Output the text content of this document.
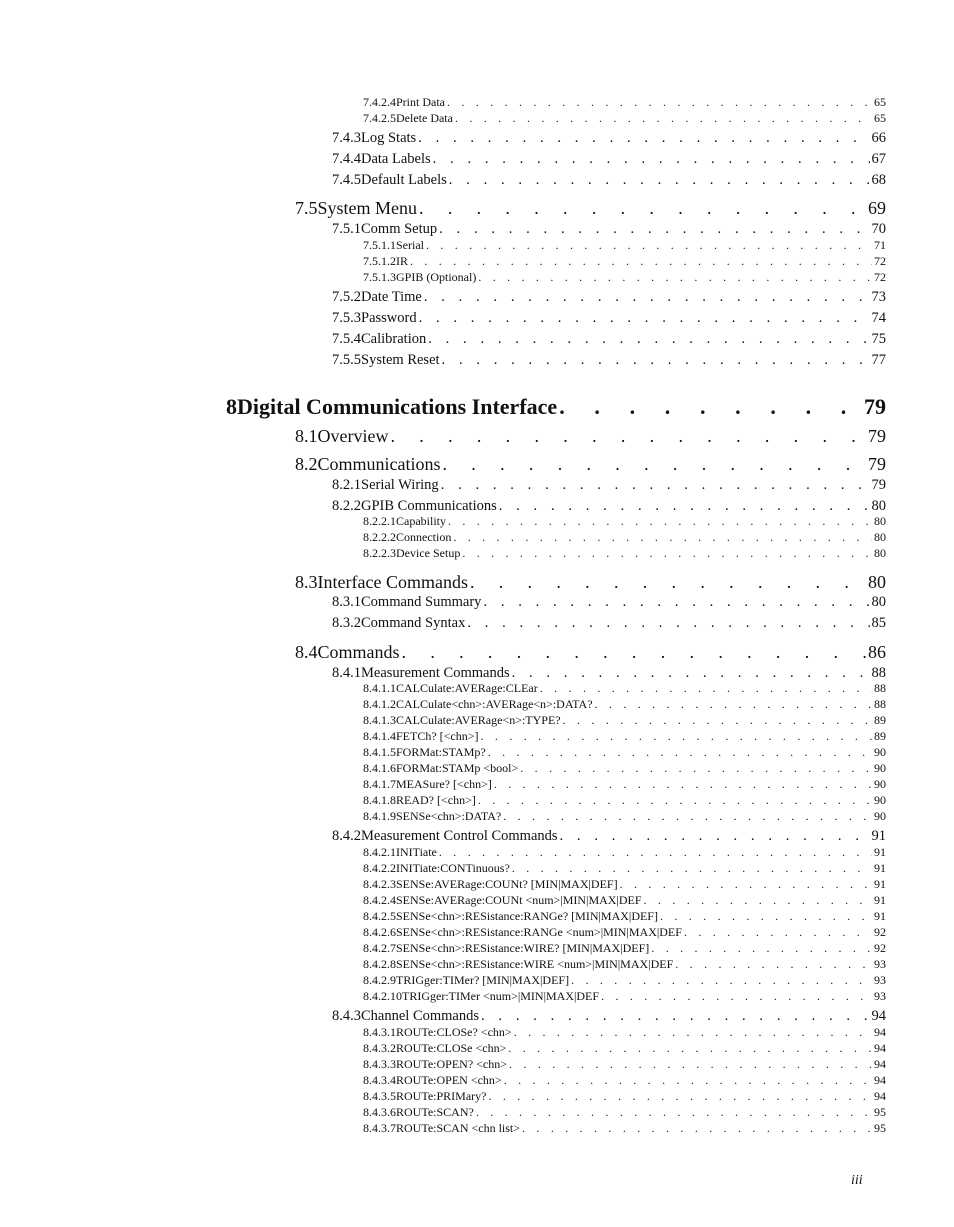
7.4.2.4 Print Data . . .	65
7.4.2.5 Delete Data . . .	65
7.4.3 Log Stats . . .	66
7.4.4 Data Labels . . .	67
7.4.5 Default Labels . . .	68
7.5 System Menu . . .	69
7.5.1 Comm Setup . . .	70
7.5.1.1 Serial . . .	71
7.5.1.2 IR . . .	72
7.5.1.3 GPIB (Optional) . . .	72
7.5.2 Date Time . . .	73
7.5.3 Password . . .	74
7.5.4 Calibration . . .	75
7.5.5 System Reset . . .	77
8 Digital Communications Interface . . .	79
8.1 Overview . . .	79
8.2 Communications . . .	79
8.2.1 Serial Wiring . . .	79
8.2.2 GPIB Communications . . .	80
8.2.2.1 Capability . . .	80
8.2.2.2 Connection . . .	80
8.2.2.3 Device Setup . . .	80
8.3 Interface Commands . . .	80
8.3.1 Command Summary . . .	80
8.3.2 Command Syntax . . .	85
8.4 Commands . . .	86
8.4.1 Measurement Commands . . .	88
8.4.1.1 CALCulate:AVERage:CLEar . . .	88
8.4.1.2 CALCulate<chn>:AVERage<n>:DATA? . . .	88
8.4.1.3 CALCulate:AVERage<n>:TYPE? . . .	89
8.4.1.4 FETCh? [<chn>] . . .	89
8.4.1.5 FORMat:STAMp? . . .	90
8.4.1.6 FORMat:STAMp <bool> . . .	90
8.4.1.7 MEASure? [<chn>] . . .	90
8.4.1.8 READ? [<chn>] . . .	90
8.4.1.9 SENSe<chn>:DATA? . . .	90
8.4.2 Measurement Control Commands . . .	91
8.4.2.1 INITiate . . .	91
8.4.2.2 INITiate:CONTinuous? . . .	91
8.4.2.3 SENSe:AVERage:COUNt? [MIN|MAX|DEF] . . .	91
8.4.2.4 SENSe:AVERage:COUNt <num>|MIN|MAX|DEF . . .	91
8.4.2.5 SENSe<chn>:RESistance:RANGe? [MIN|MAX|DEF] . . .	91
8.4.2.6 SENSe<chn>:RESistance:RANGe <num>|MIN|MAX|DEF . . .	92
8.4.2.7 SENSe<chn>:RESistance:WIRE? [MIN|MAX|DEF] . . .	92
8.4.2.8 SENSe<chn>:RESistance:WIRE <num>|MIN|MAX|DEF . . .	93
8.4.2.9 TRIGger:TIMer? [MIN|MAX|DEF] . . .	93
8.4.2.10 TRIGger:TIMer <num>|MIN|MAX|DEF . . .	93
8.4.3 Channel Commands . . .	94
8.4.3.1 ROUTe:CLOSe? <chn> . . .	94
8.4.3.2 ROUTe:CLOSe <chn> . . .	94
8.4.3.3 ROUTe:OPEN? <chn> . . .	94
8.4.3.4 ROUTe:OPEN <chn> . . .	94
8.4.3.5 ROUTe:PRIMary? . . .	94
8.4.3.6 ROUTe:SCAN? . . .	95
8.4.3.7 ROUTe:SCAN <chn list> . . .	95
iii
